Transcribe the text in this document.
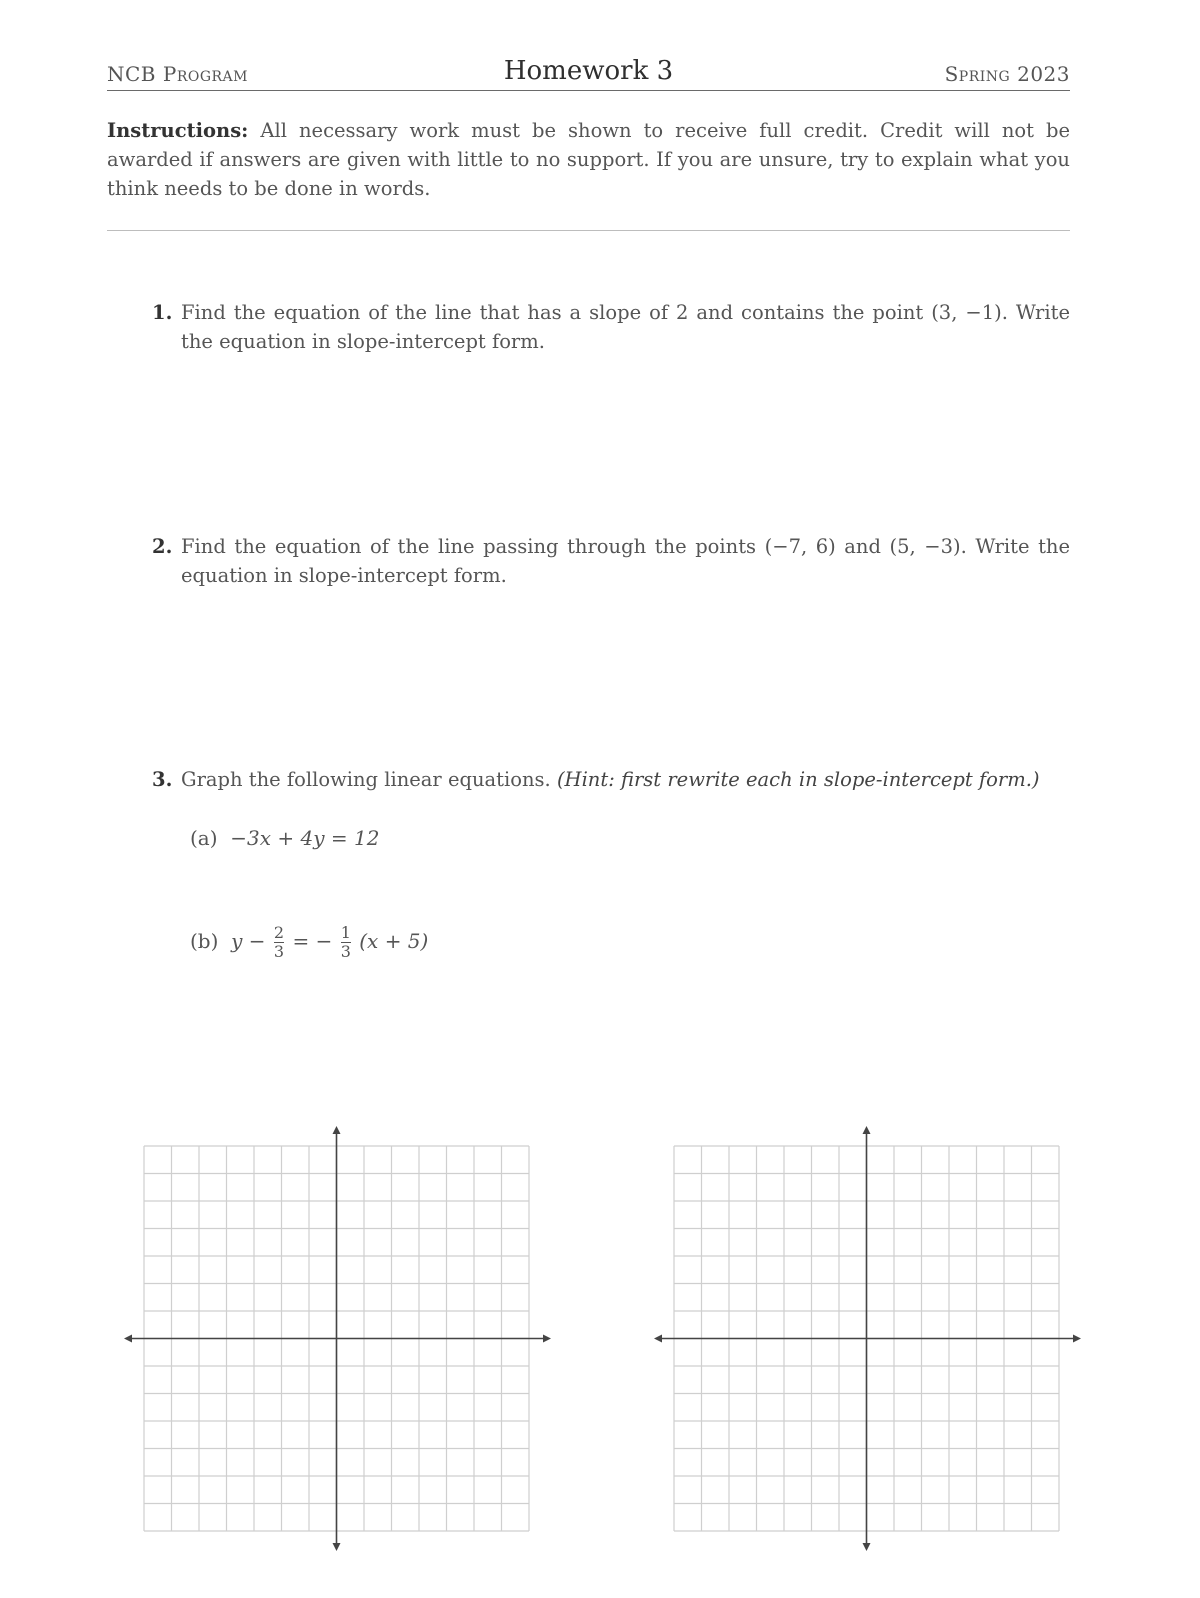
NCB Program	Homework 3	Spring 2023
Instructions: All necessary work must be shown to receive full credit. Credit will not be awarded if answers are given with little to no support. If you are unsure, try to explain what you think needs to be done in words.
1. Find the equation of the line that has a slope of 2 and contains the point (3, −1). Write the equation in slope-intercept form.
2. Find the equation of the line passing through the points (−7, 6) and (5, −3). Write the equation in slope-intercept form.
3. Graph the following linear equations. (Hint: first rewrite each in slope-intercept form.)
(a) −3x + 4y = 12
(b) $y - \frac{2}{3}$ = − $\frac{1}{3} (x + 5)$
